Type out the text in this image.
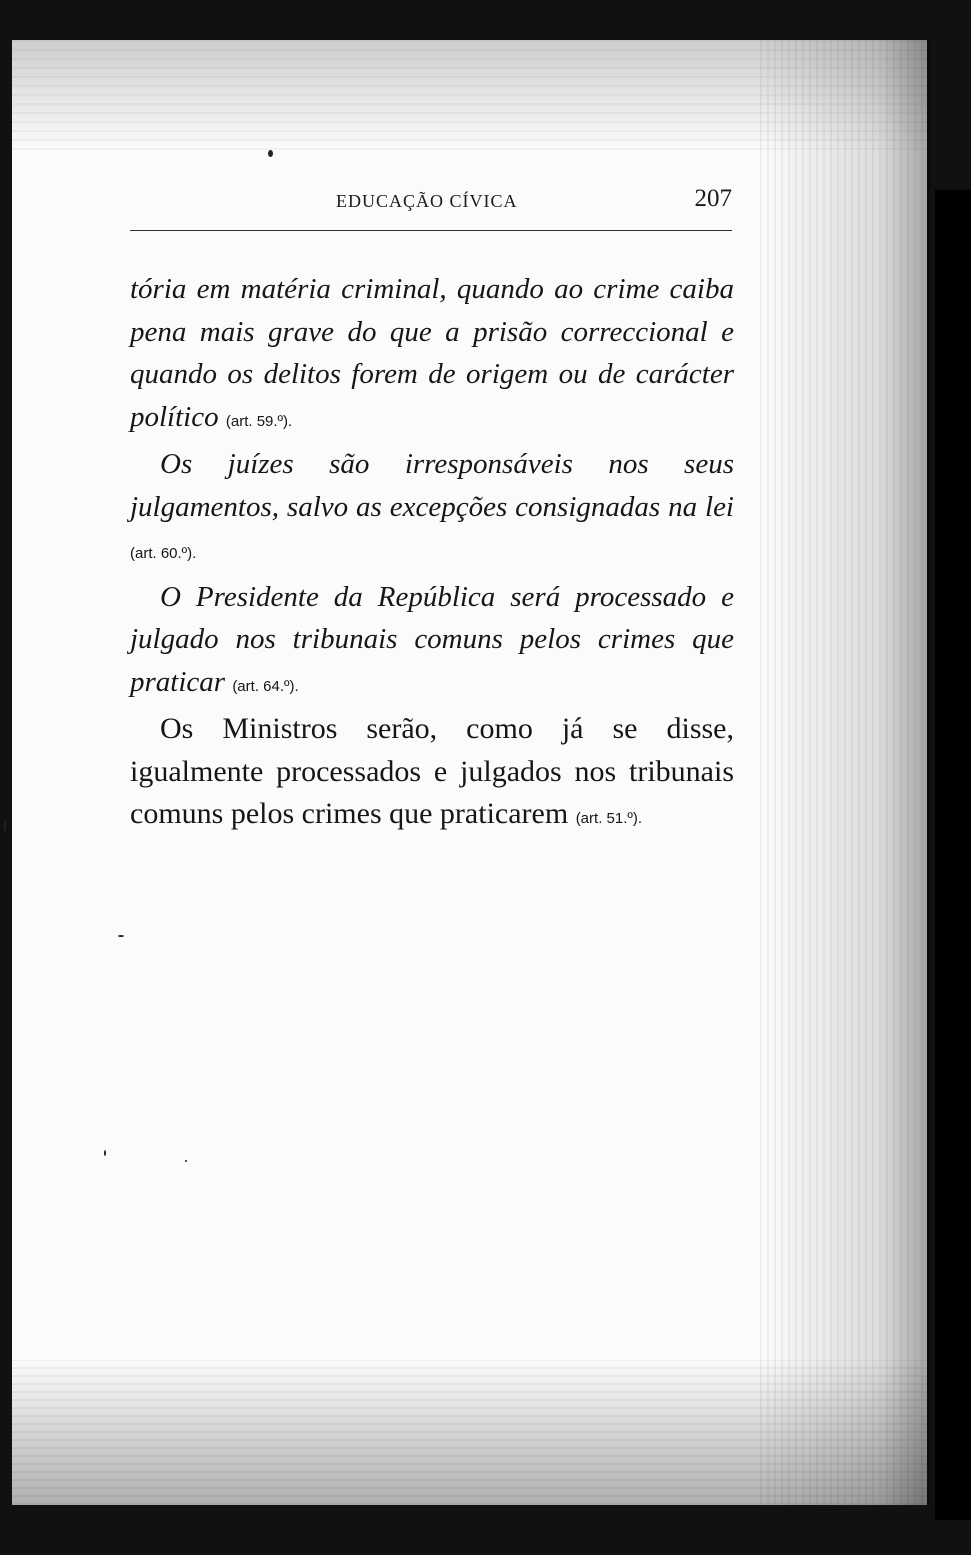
EDUCAÇÃO CÍVICA	207

tória em matéria criminal, quando ao crime caiba pena mais grave do que a prisão correccional e quando os delitos forem de origem ou de carácter político (art. 59.º).

Os juízes são irresponsáveis nos seus julgamentos, salvo as excepções consignadas na lei (art. 60.º).

O Presidente da República será processado e julgado nos tribunais comuns pelos crimes que praticar (art. 64.º).

Os Ministros serão, como já se disse, igualmente processados e julgados nos tribunais comuns pelos crimes que praticarem (art. 51.º).
